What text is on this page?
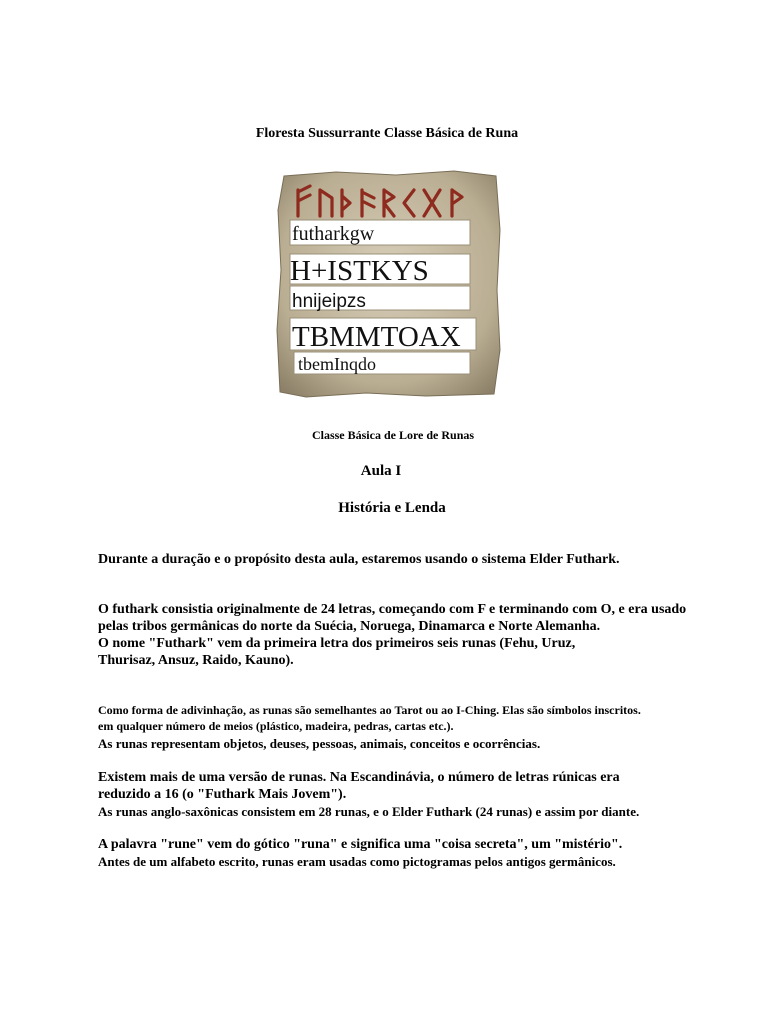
Floresta Sussurrante Classe Básica de Runa
futharkgw
H+ISTKYS
hnijeipzs
TBMMTOAX
tbemInqdo
Classe Básica de Lore de Runas
Aula I
História e Lenda

Durante a duração e o propósito desta aula, estaremos usando o sistema Elder Futhark.

O futhark consistia originalmente de 24 letras, começando com F e terminando com O, e era usado pelas tribos germânicas do norte da Suécia, Noruega, Dinamarca e Norte Alemanha.

O nome "Futhark" vem da primeira letra dos primeiros seis runas (Fehu, Uruz, Thurisaz, Ansuz, Raido, Kauno).

Como forma de adivinhação, as runas são semelhantes ao Tarot ou ao I-Ching. Elas são símbolos inscritos.

em qualquer número de meios (plástico, madeira, pedras, cartas etc.).

As runas representam objetos, deuses, pessoas, animais, conceitos e ocorrências.

Existem mais de uma versão de runas. Na Escandinávia, o número de letras rúnicas era reduzido a 16 (o "Futhark Mais Jovem").

As runas anglo-saxônicas consistem em 28 runas, e o Elder Futhark (24 runas) e assim por diante.

A palavra "rune" vem do gótico "runa" e significa uma "coisa secreta", um "mistério".

Antes de um alfabeto escrito, runas eram usadas como pictogramas pelos antigos germânicos.
